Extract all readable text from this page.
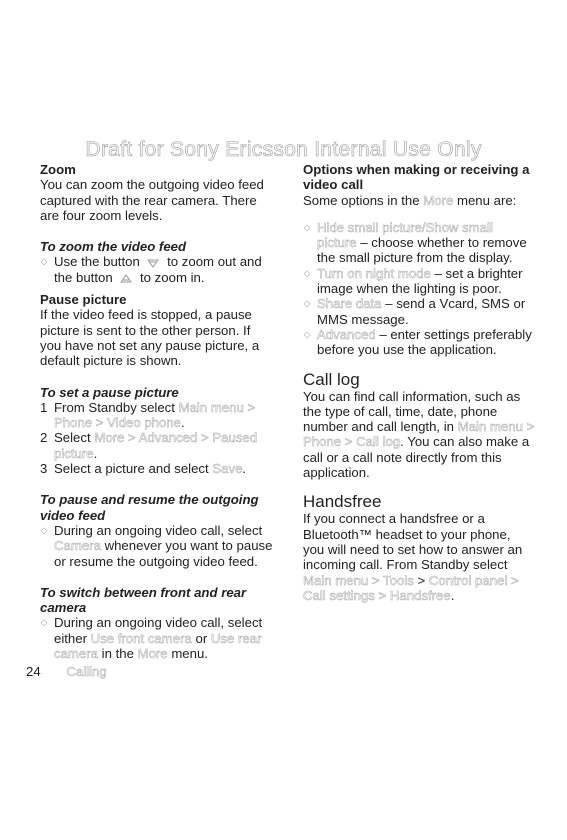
Draft for Sony Ericsson Internal Use Only

Zoom

You can zoom the outgoing video feed captured with the rear camera. There are four zoom levels.

To zoom the video feed

◆ Use the button to zoom out and the button to zoom in.

Pause picture

If the video feed is stopped, a pause picture is sent to the other person. If you have not set any pause picture, a default picture is shown.

To set a pause picture

1 From Standby select Main menu > Phone > Video phone.

2 Select More > Advanced > Paused picture.

3 Select a picture and select Save.

To pause and resume the outgoing video feed

◆ During an ongoing video call, select Camera whenever you want to pause or resume the outgoing video feed.

To switch between front and rear camera

◆ During an ongoing video call, select either Use front camera or Use rear camera in the More menu.

Options when making or receiving a video call

Some options in the More menu are:

◆ Hide small picture/Show small picture – choose whether to remove the small picture from the display.

◆ Turn on night mode – set a brighter image when the lighting is poor.

◆ Share data – send a Vcard, SMS or MMS message.

◆ Advanced – enter settings preferably before you use the application.

Call log

You can find call information, such as the type of call, time, date, phone number and call length, in Main menu > Phone > Call log. You can also make a call or a call note directly from this application.

Handsfree

If you connect a handsfree or a Bluetooth™ headset to your phone, you will need to set how to answer an incoming call. From Standby select Main menu > Tools > Control panel > Call settings > Handsfree.

24 Calling
